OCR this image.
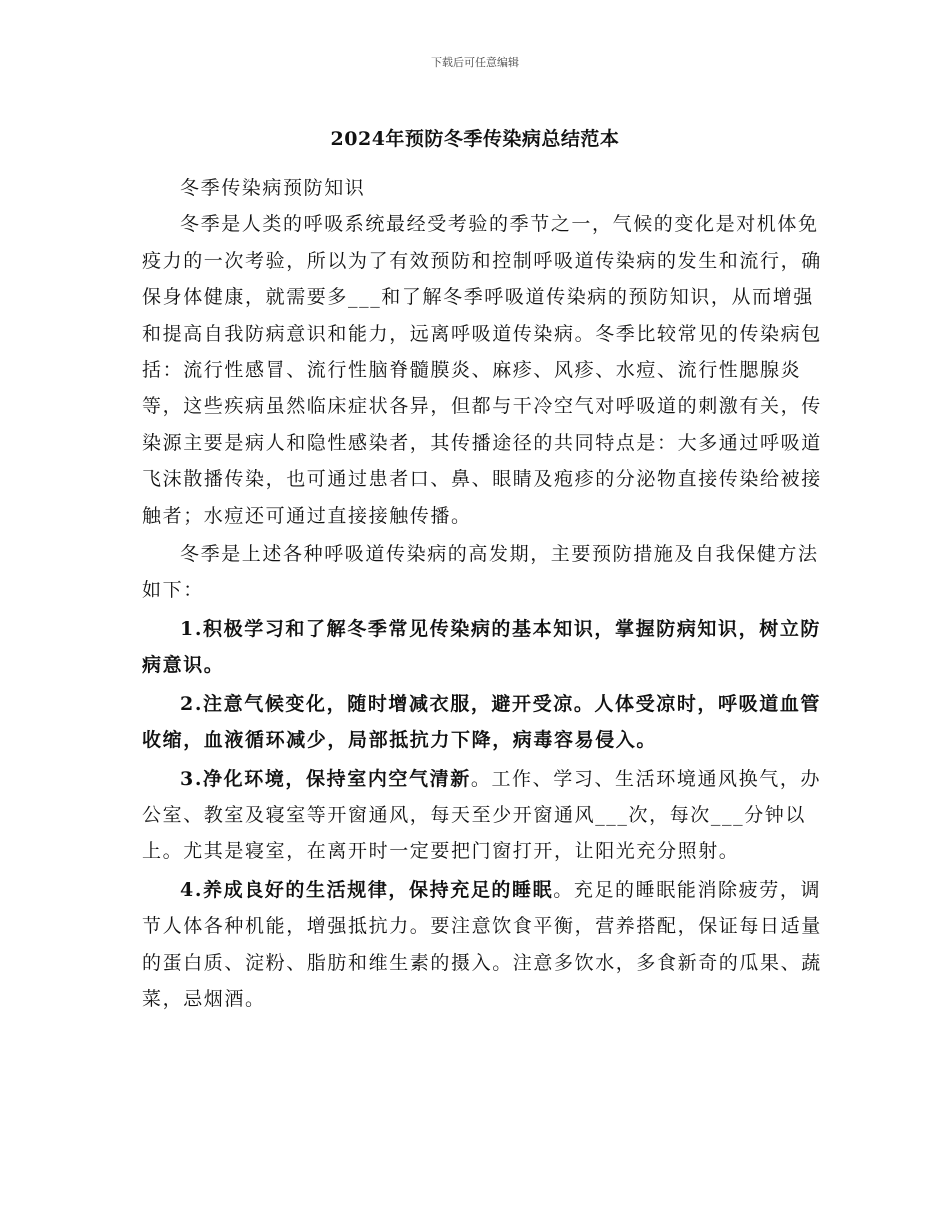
下载后可任意编辑
2024年预防冬季传染病总结范本

冬季传染病预防知识

冬季是人类的呼吸系统最经受考验的季节之一，气候的变化是对机体免疫力的一次考验，所以为了有效预防和控制呼吸道传染病的发生和流行，确保身体健康，就需要多___和了解冬季呼吸道传染病的预防知识，从而增强和提高自我防病意识和能力，远离呼吸道传染病。冬季比较常见的传染病包括：流行性感冒、流行性脑脊髓膜炎、麻疹、风疹、水痘、流行性腮腺炎等，这些疾病虽然临床症状各异，但都与干冷空气对呼吸道的刺激有关，传染源主要是病人和隐性感染者，其传播途径的共同特点是：大多通过呼吸道飞沫散播传染，也可通过患者口、鼻、眼睛及疱疹的分泌物直接传染给被接触者；水痘还可通过直接接触传播。

冬季是上述各种呼吸道传染病的高发期，主要预防措施及自我保健方法如下：

1.积极学习和了解冬季常见传染病的基本知识，掌握防病知识，树立防病意识。

2.注意气候变化，随时增减衣服，避开受凉。人体受凉时，呼吸道血管收缩，血液循环减少，局部抵抗力下降，病毒容易侵入。

3.净化环境，保持室内空气清新。工作、学习、生活环境通风换气，办公室、教室及寝室等开窗通风，每天至少开窗通风___次，每次___分钟以上。尤其是寝室，在离开时一定要把门窗打开，让阳光充分照射。

4.养成良好的生活规律，保持充足的睡眠。充足的睡眠能消除疲劳，调节人体各种机能，增强抵抗力。要注意饮食平衡，营养搭配，保证每日适量的蛋白质、淀粉、脂肪和维生素的摄入。注意多饮水，多食新奇的瓜果、蔬菜，忌烟酒。
